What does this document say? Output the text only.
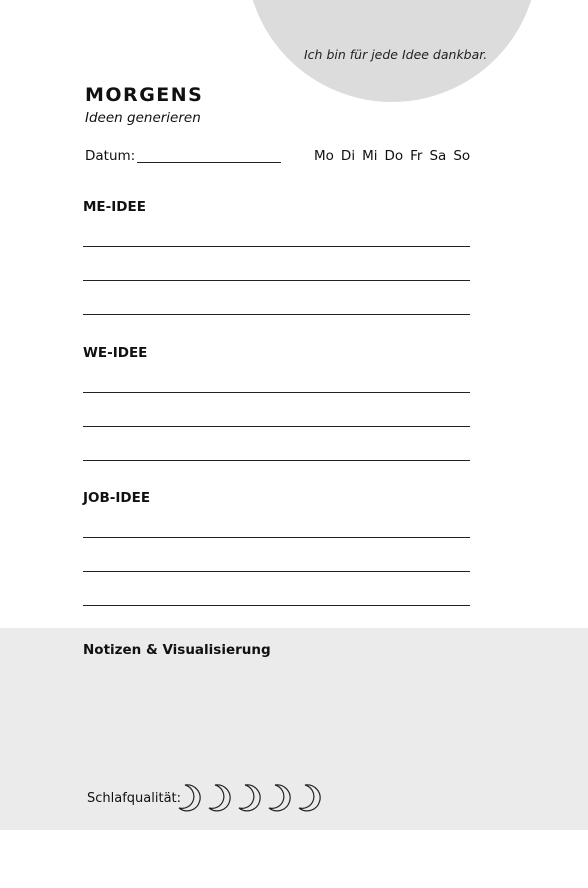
Ich bin für jede Idee dankbar.
MORGENS
Ideen generieren
Datum:	Mo Di Mi Do Fr Sa So
ME-IDEE
WE-IDEE
JOB-IDEE
Notizen & Visualisierung
Schlafqualität:
